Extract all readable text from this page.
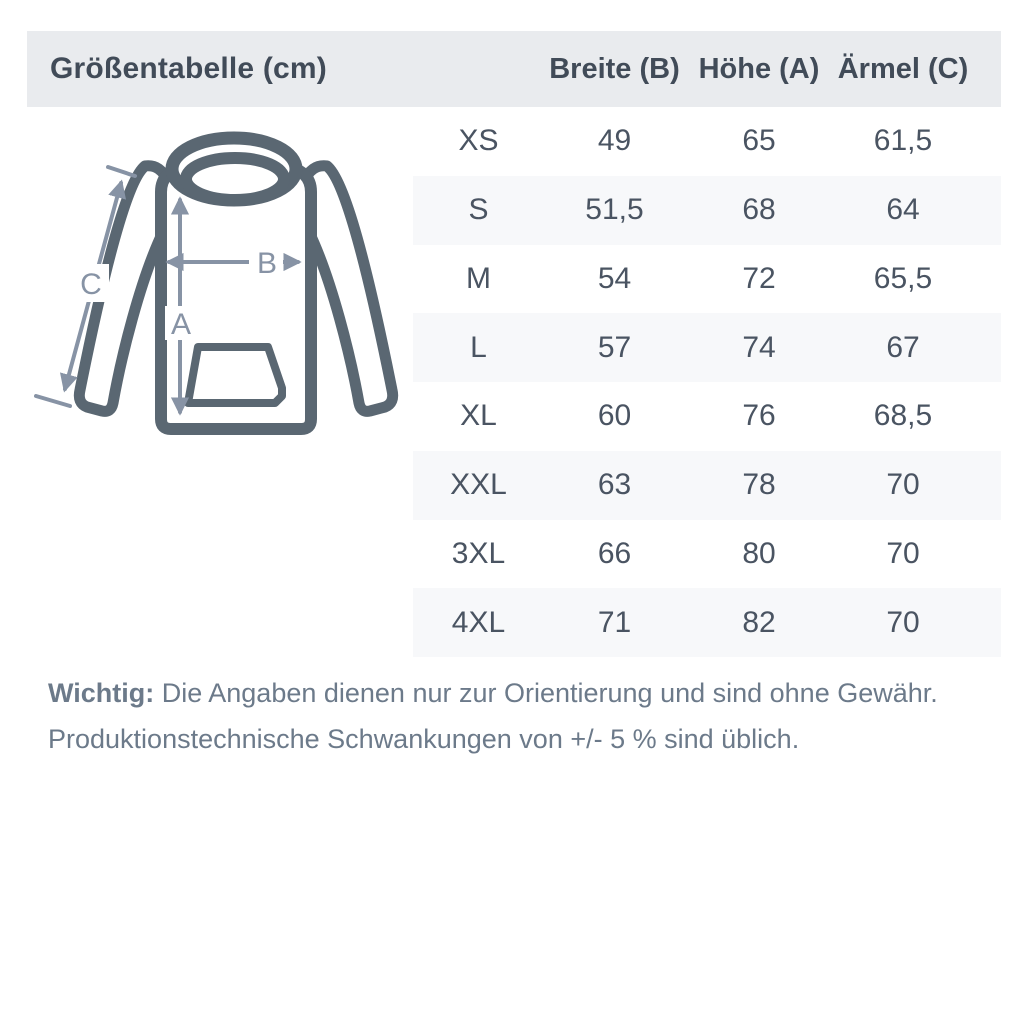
Größentabelle (cm)	Breite (B) Höhe (A) Ärmel (C)
XS	49	65	61,5
S	51,5	68	64
M	54	72	65,5
L	57	74	67
XL	60	76	68,5
XXL	63	78	70
3XL	66	80	70
4XL	71	82	70
A
B
C
Wichtig: Die Angaben dienen nur zur Orientierung und sind ohne Gewähr.
Produktionstechnische Schwankungen von +/- 5 % sind üblich.
